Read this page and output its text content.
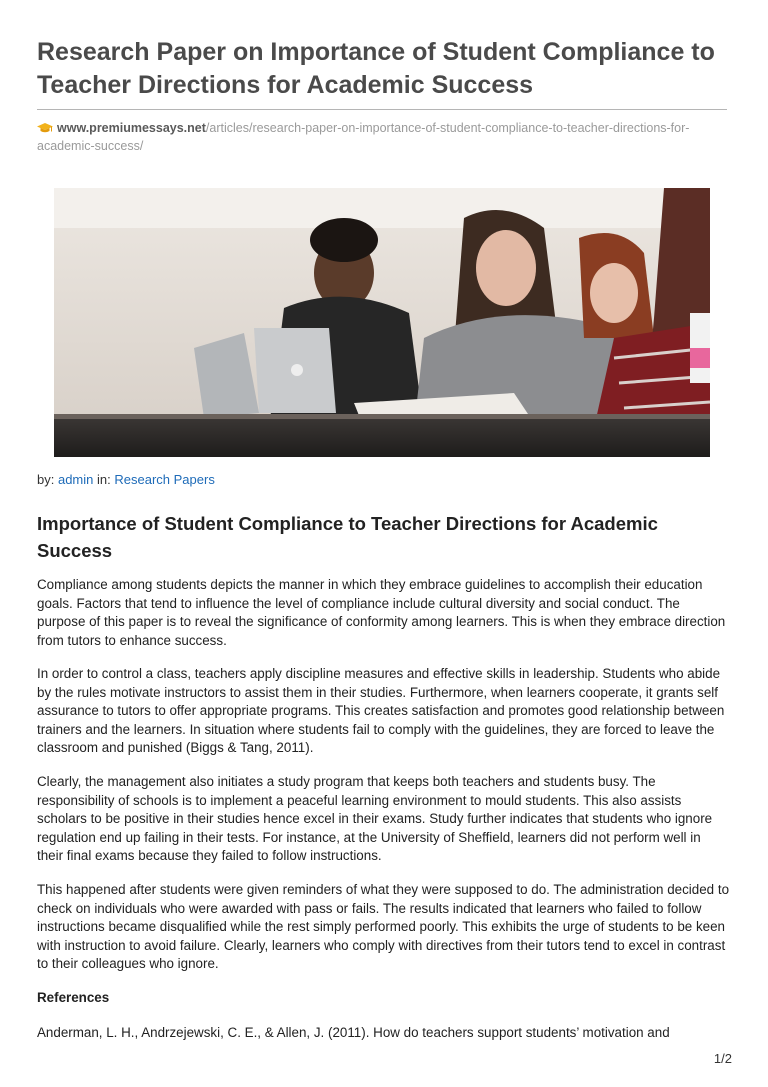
Research Paper on Importance of Student Compliance to Teacher Directions for Academic Success
www.premiumessays.net/articles/research-paper-on-importance-of-student-compliance-to-teacher-directions-for-academic-success/
by: admin in: Research Papers
Importance of Student Compliance to Teacher Directions for Academic Success

Compliance among students depicts the manner in which they embrace guidelines to accomplish their education goals. Factors that tend to influence the level of compliance include cultural diversity and social conduct. The purpose of this paper is to reveal the significance of conformity among learners. This is when they embrace direction from tutors to enhance success.

In order to control a class, teachers apply discipline measures and effective skills in leadership. Students who abide by the rules motivate instructors to assist them in their studies. Furthermore, when learners cooperate, it grants self assurance to tutors to offer appropriate programs. This creates satisfaction and promotes good relationship between trainers and the learners. In situation where students fail to comply with the guidelines, they are forced to leave the classroom and punished (Biggs & Tang, 2011).

Clearly, the management also initiates a study program that keeps both teachers and students busy. The responsibility of schools is to implement a peaceful learning environment to mould students. This also assists scholars to be positive in their studies hence excel in their exams. Study further indicates that students who ignore regulation end up failing in their tests. For instance, at the University of Sheffield, learners did not perform well in their final exams because they failed to follow instructions.

This happened after students were given reminders of what they were supposed to do. The administration decided to check on individuals who were awarded with pass or fails. The results indicated that learners who failed to follow instructions became disqualified while the rest simply performed poorly. This exhibits the urge of students to be keen with instruction to avoid failure. Clearly, learners who comply with directives from their tutors tend to excel in contrast to their colleagues who ignore.

References
Anderman, L. H., Andrzejewski, C. E., & Allen, J. (2011). How do teachers support students’ motivation and
1/2
